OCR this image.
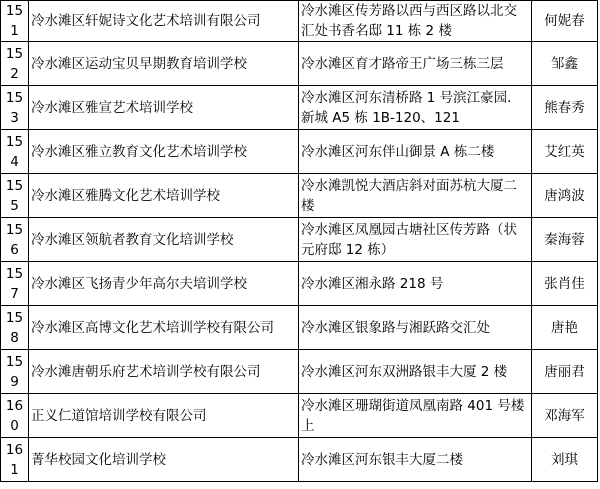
151	冷水滩区轩妮诗文化艺术培训有限公司	冷水滩区传芳路以西与西区路以北交汇处书香名邸 11 栋 2 楼	何妮春
152	冷水滩区运动宝贝早期教育培训学校	冷水滩区育才路帝王广场三栋三层	邹鑫
153	冷水滩区雅宣艺术培训学校	冷水滩区河东清桥路 1 号滨江豪园．新城 A5 栋 1B-120、121	熊春秀
154	冷水滩区雅立教育文化艺术培训学校	冷水滩区河东伴山御景 A 栋二楼	艾红英
155	冷水滩区雅腾文化艺术培训学校	冷水滩凯悦大酒店斜对面苏杭大厦二楼	唐鸿波
156	冷水滩区领航者教育文化培训学校	冷水滩区凤凰园古塘社区传芳路（状元府邸 12 栋）	秦海蓉
157	冷水滩区飞扬青少年高尔夫培训学校	冷水滩区湘永路 218 号	张肖佳
158	冷水滩区高博文化艺术培训学校有限公司	冷水滩区银象路与湘跃路交汇处	唐艳
159	冷水滩唐朝乐府艺术培训学校有限公司	冷水滩区河东双洲路银丰大厦 2 楼	唐丽君
160	正义仁道馆培训学校有限公司	冷水滩区珊瑚街道凤凰南路 401 号楼上	邓海军
161	菁华校园文化培训学校	冷水滩区河东银丰大厦二楼	刘琪
